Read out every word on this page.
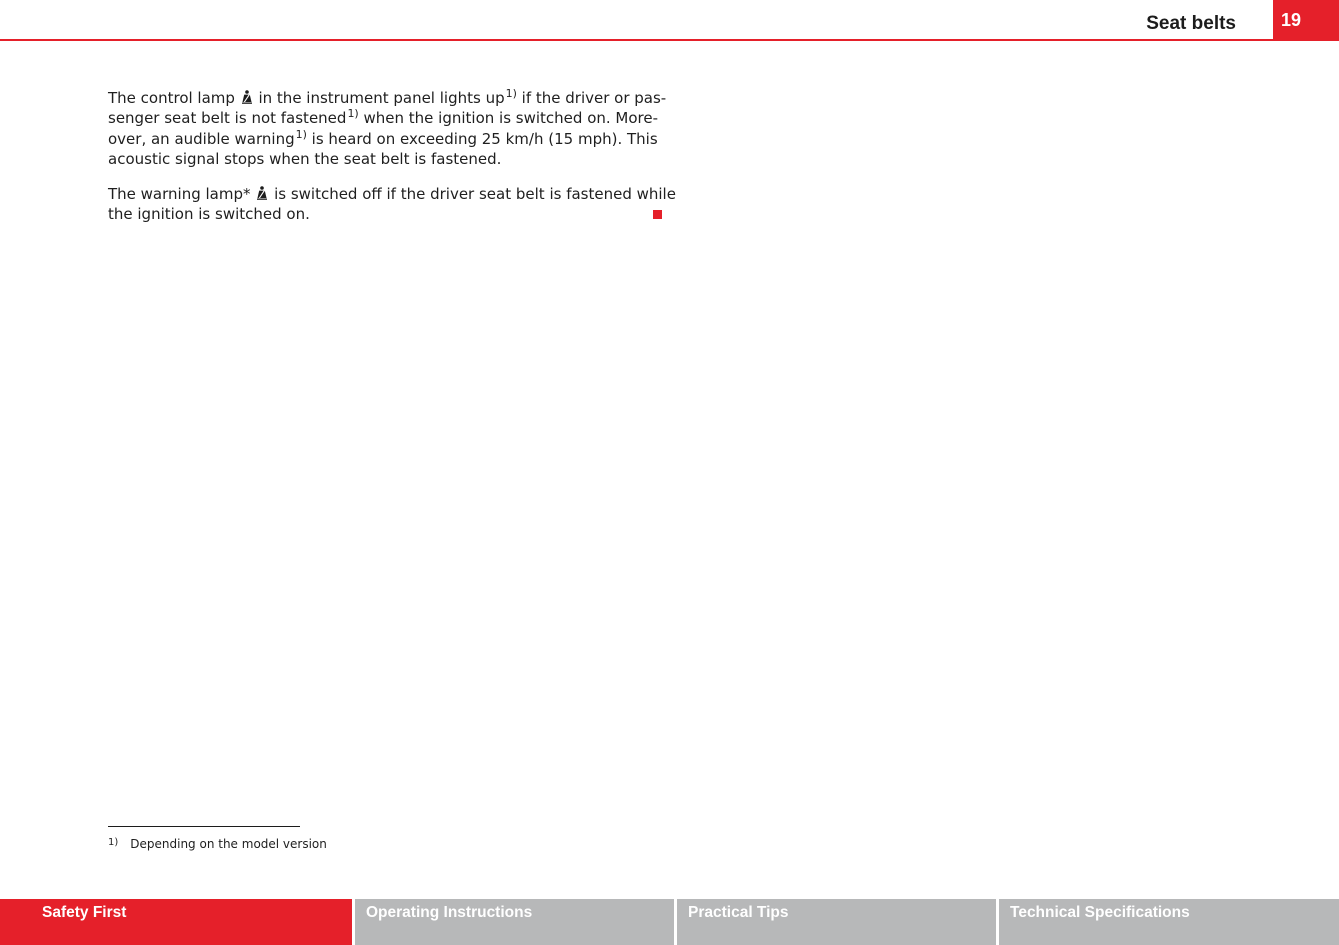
Seat belts	19

The control lamp in the instrument panel lights $up^{1)}$ if the driver or pas-
senger seat belt is not fastened$^{1)}$ when the ignition is switched on. More-
over, an audible warning$^{1)}$ is heard on exceeding 25 km/h (15 mph). This
acoustic signal stops when the seat belt is fastened.

The warning lamp* is switched off if the driver seat belt is fastened while
the ignition is switched on.

$^{1)}$ Depending on the model version
Safety First	Operating Instructions	Practical Tips	Technical Specifications
